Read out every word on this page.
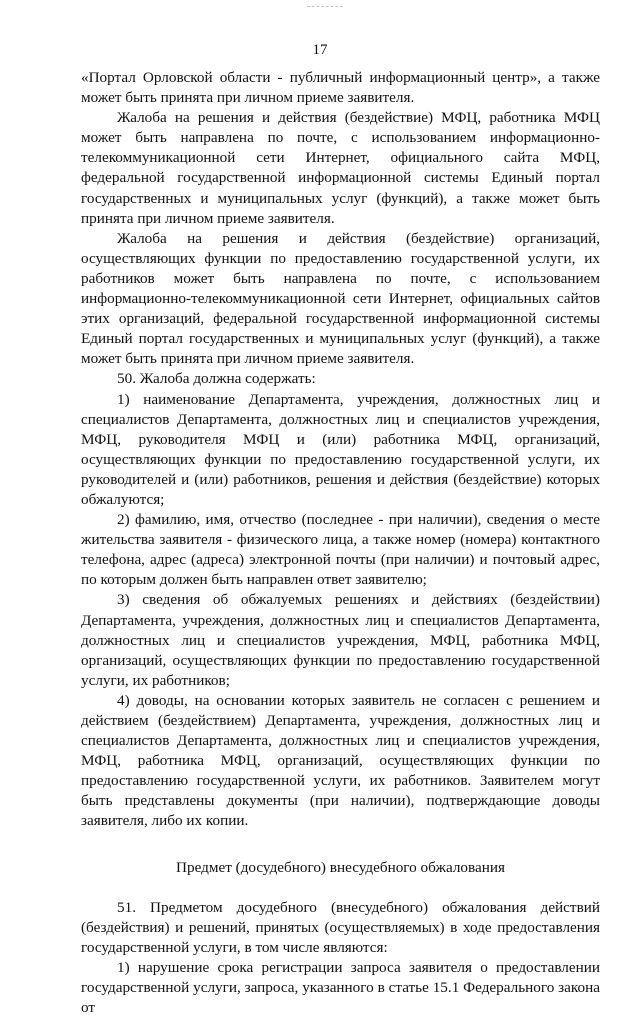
17

«Портал Орловской области - публичный информационный центр», а также может быть принята при личном приеме заявителя.

Жалоба на решения и действия (бездействие) МФЦ, работника МФЦ может быть направлена по почте, с использованием информационно-телекоммуникационной сети Интернет, официального сайта МФЦ, федеральной государственной информационной системы Единый портал государственных и муниципальных услуг (функций), а также может быть принята при личном приеме заявителя.

Жалоба на решения и действия (бездействие) организаций, осуществляющих функции по предоставлению государственной услуги, их работников может быть направлена по почте, с использованием информационно-телекоммуникационной сети Интернет, официальных сайтов этих организаций, федеральной государственной информационной системы Единый портал государственных и муниципальных услуг (функций), а также может быть принята при личном приеме заявителя.

50. Жалоба должна содержать:

1) наименование Департамента, учреждения, должностных лиц и специалистов Департамента, должностных лиц и специалистов учреждения, МФЦ, руководителя МФЦ и (или) работника МФЦ, организаций, осуществляющих функции по предоставлению государственной услуги, их руководителей и (или) работников, решения и действия (бездействие) которых обжалуются;

2) фамилию, имя, отчество (последнее - при наличии), сведения о месте жительства заявителя - физического лица, а также номер (номера) контактного телефона, адрес (адреса) электронной почты (при наличии) и почтовый адрес, по которым должен быть направлен ответ заявителю;

3) сведения об обжалуемых решениях и действиях (бездействии) Департамента, учреждения, должностных лиц и специалистов Департамента, должностных лиц и специалистов учреждения, МФЦ, работника МФЦ, организаций, осуществляющих функции по предоставлению государственной услуги, их работников;

4) доводы, на основании которых заявитель не согласен с решением и действием (бездействием) Департамента, учреждения, должностных лиц и специалистов Департамента, должностных лиц и специалистов учреждения, МФЦ, работника МФЦ, организаций, осуществляющих функции по предоставлению государственной услуги, их работников. Заявителем могут быть представлены документы (при наличии), подтверждающие доводы заявителя, либо их копии.

Предмет (досудебного) внесудебного обжалования

51. Предметом досудебного (внесудебного) обжалования действий (бездействия) и решений, принятых (осуществляемых) в ходе предоставления государственной услуги, в том числе являются:

1) нарушение срока регистрации запроса заявителя о предоставлении государственной услуги, запроса, указанного в статье 15.1 Федерального закона от
